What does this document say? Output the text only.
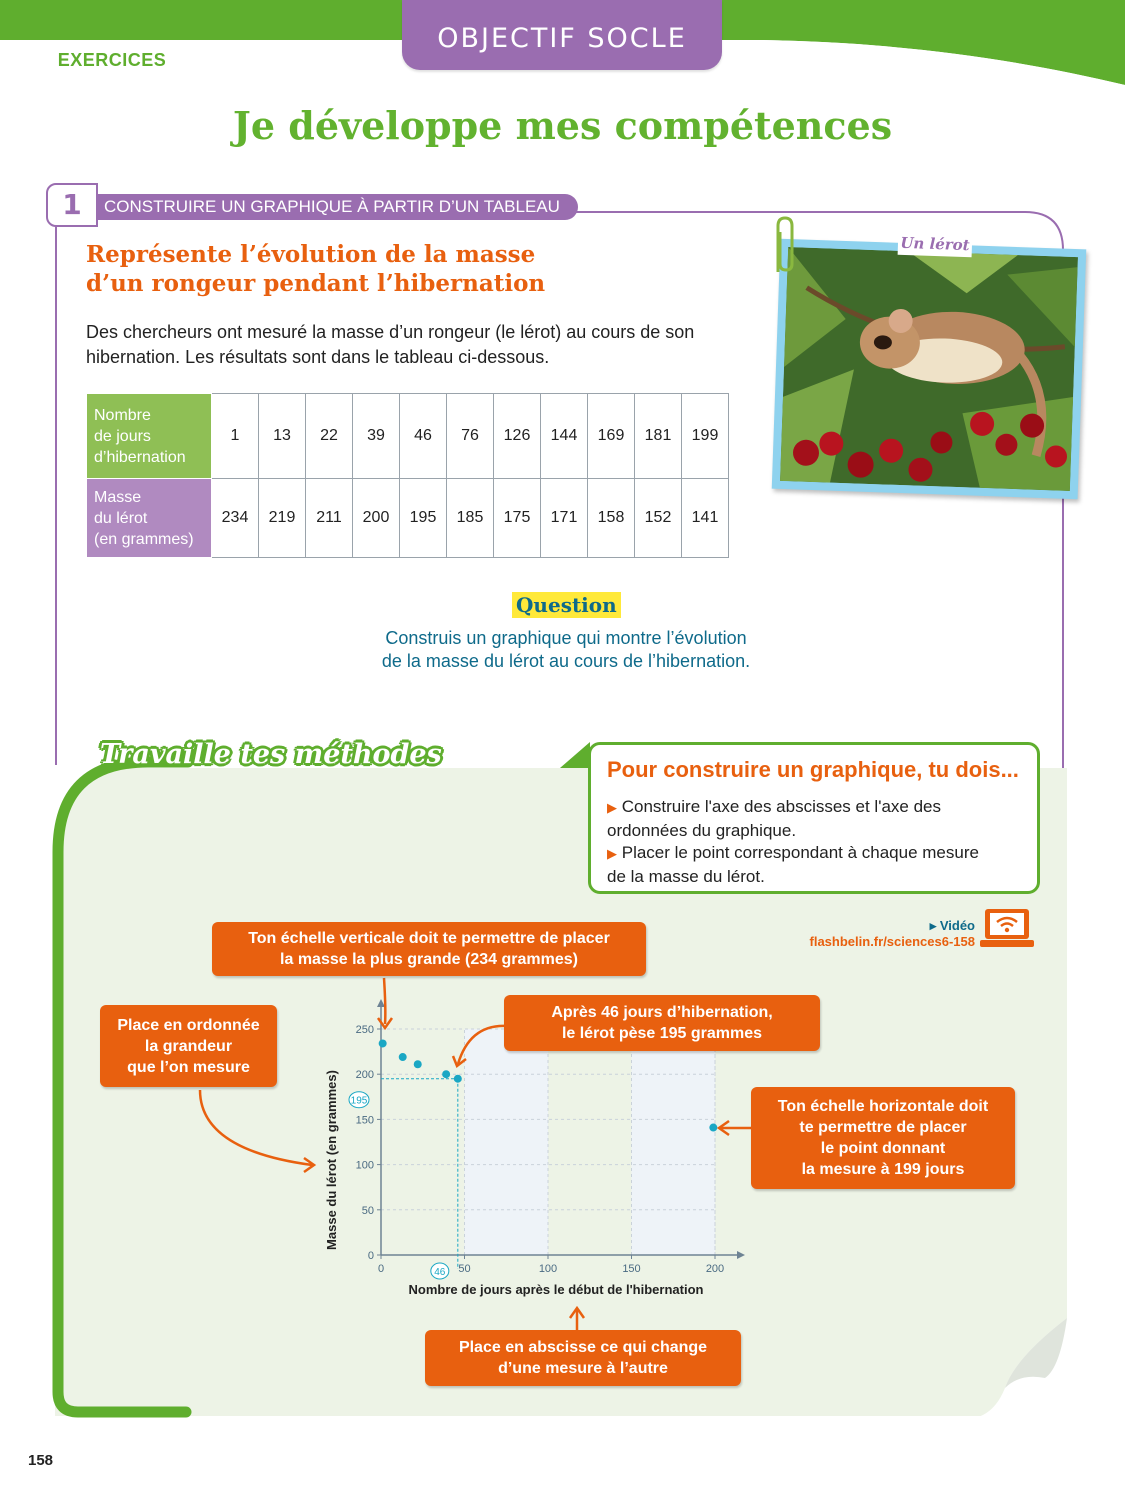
EXERCICES
OBJECTIF SOCLE
Je développe mes compétences
1	CONSTRUIRE UN GRAPHIQUE À PARTIR D’UN TABLEAU (D1)
Représente l’évolution de la masse
d’un rongeur pendant l’hibernation
Des chercheurs ont mesuré la masse d’un rongeur (le lérot) au cours de son
hibernation. Les résultats sont dans le tableau ci-dessous.
Nombre
de jours
d’hibernation	1	13	22	39	46	76	126	144	169	181	199

Masse
du lérot
(en grammes)	234	219	211	200	195	185	175	171	158	152	141
Un lérot
Question
Construis un graphique qui montre l’évolution
de la masse du lérot au cours de l’hibernation.
Travaille tes méthodes	Pour construire un graphique, tu dois...

▶ Construire l'axe des abscisses et l'axe des
ordonnées du graphique.

▶ Placer le point correspondant à chaque mesure
de la masse du lérot.

▸ Vidéo
flashbelin.fr/sciences6-158
0	50	100	150	200
0
50
100
150
200
250
Nombre de jours après le début de l'hibernation
Masse du lérot (en grammes) 195
46
Ton échelle verticale doit te permettre de placer
la masse la plus grande (234 grammes)
Place en ordonnée
la grandeur
que l’on mesure
Après 46 jours d’hibernation,
le lérot pèse 195 grammes
Ton échelle horizontale doit
te permettre de placer
le point donnant
la mesure à 199 jours
Place en abscisse ce qui change
d’une mesure à l’autre
158
